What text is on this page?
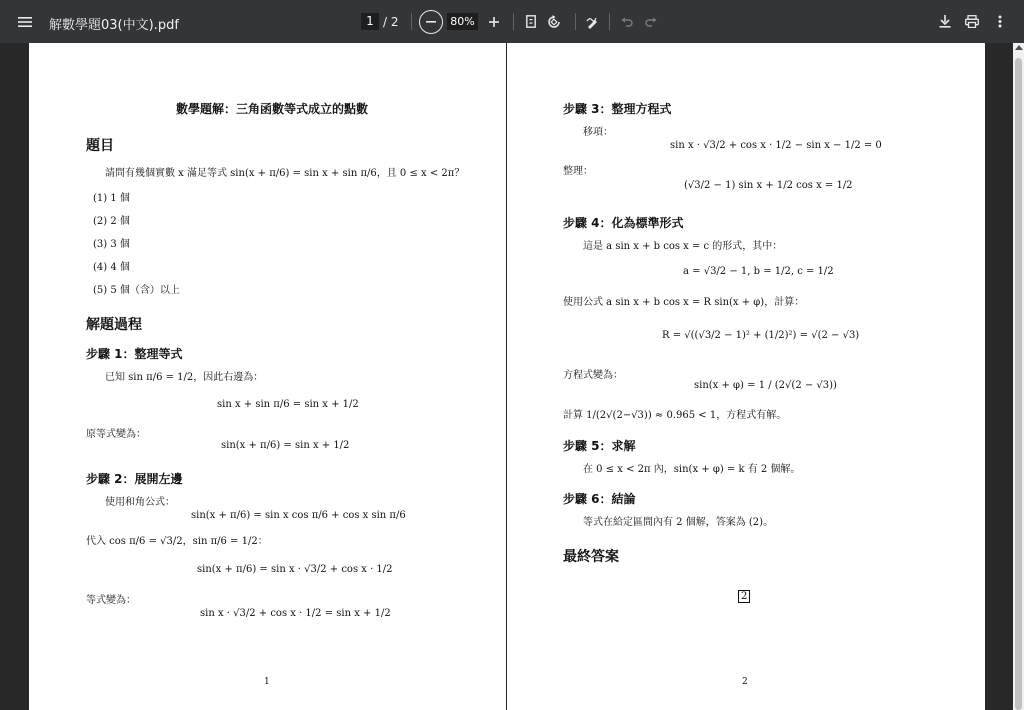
解數學題03(中文).pdf	1 / 2	80%
數學題解：三角函數等式成立的點數
題目
請問有幾個實數 x 滿足等式 sin(x + π/6) = sin x + sin π/6，且 0 ≤ x < 2π？
(1) 1 個
(2) 2 個
(3) 3 個
(4) 4 個
(5) 5 個（含）以上
解題過程
步驟 1：整理等式
已知 sin π/6 = 1/2，因此右邊為：
sin x + sin π/6 = sin x + 1/2
原等式變為：
sin(x + π/6) = sin x + 1/2
步驟 2：展開左邊
使用和角公式：
sin(x + π/6) = sin x cos π/6 + cos x sin π/6
代入 cos π/6 = √3/2，sin π/6 = 1/2：
sin(x + π/6) = sin x · √3/2 + cos x · 1/2
等式變為：
sin x · √3/2 + cos x · 1/2 = sin x + 1/2
1
步驟 3：整理方程式
移項：
sin x · √3/2 + cos x · 1/2 − sin x − 1/2 = 0
整理：
(√3/2 − 1) sin x + 1/2 cos x = 1/2
步驟 4：化為標準形式
這是 a sin x + b cos x = c 的形式，其中：
a = √3/2 − 1, b = 1/2, c = 1/2
使用公式 a sin x + b cos x = R sin(x + φ)，計算：
R = √((√3/2 − 1)² + (1/2)²) = √(2 − √3)
方程式變為：
sin(x + φ) = 1 / (2√(2 − √3))
計算 1/(2√(2−√3)) ≈ 0.965 < 1，方程式有解。
步驟 5：求解
在 0 ≤ x < 2π 內，sin(x + φ) = k 有 2 個解。
步驟 6：結論
等式在給定區間內有 2 個解，答案為 (2)。
最終答案
2
2
